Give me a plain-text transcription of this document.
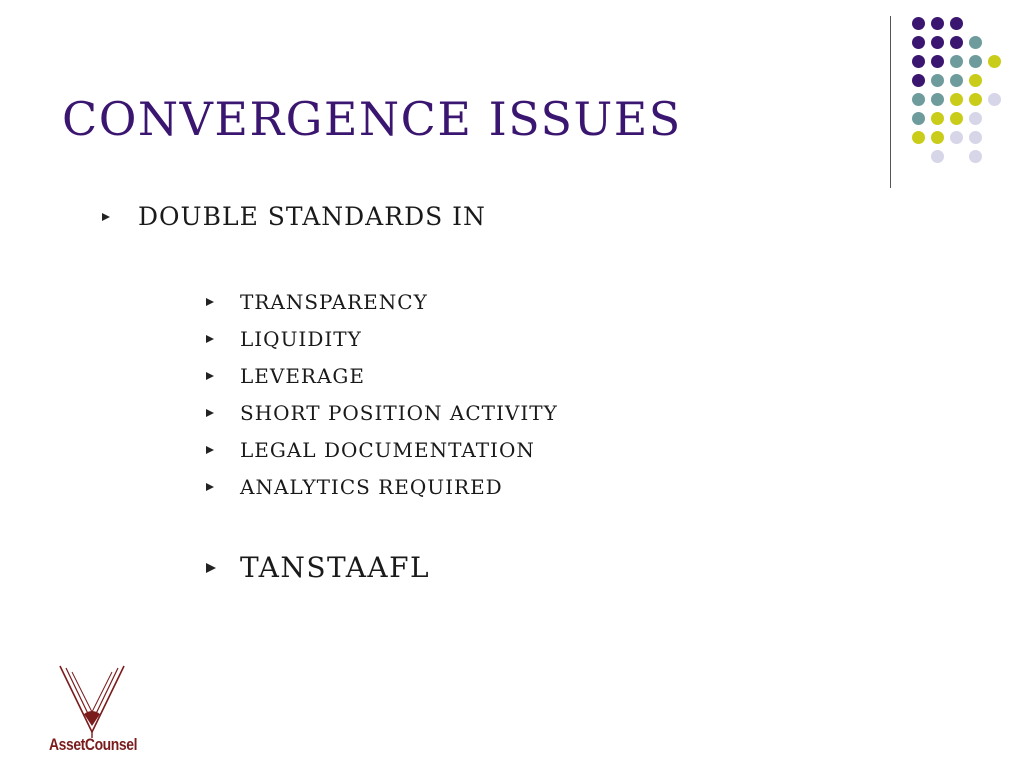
CONVERGENCE ISSUES
DOUBLE STANDARDS IN
TRANSPARENCY
LIQUIDITY
LEVERAGE
SHORT POSITION ACTIVITY
LEGAL DOCUMENTATION
ANALYTICS REQUIRED
TANSTAAFL
AssetCounsel
